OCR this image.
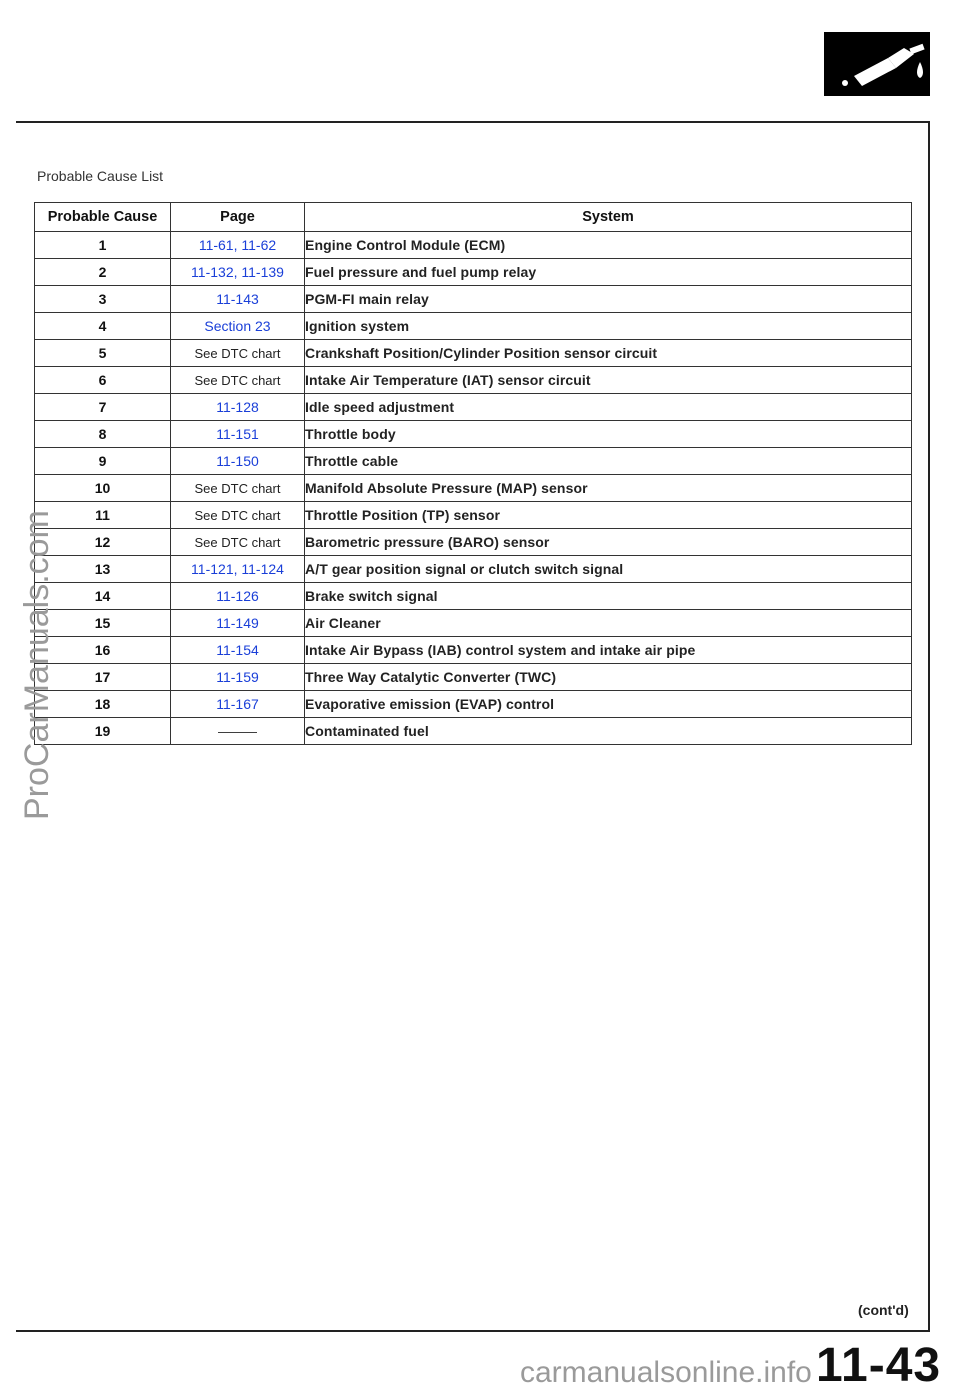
Probable Cause List
Probable Cause	Page	System
1	11-61, 11-62	Engine Control Module (ECM)
2	11-132, 11-139	Fuel pressure and fuel pump relay
3	11-143	PGM-FI main relay
4	Section 23	Ignition system
5	See DTC chart	Crankshaft Position/Cylinder Position sensor circuit
6	See DTC chart	Intake Air Temperature (IAT) sensor circuit
7	11-128	Idle speed adjustment
8	11-151	Throttle body
9	11-150	Throttle cable
10	See DTC chart	Manifold Absolute Pressure (MAP) sensor
11	See DTC chart	Throttle Position (TP) sensor
12	See DTC chart	Barometric pressure (BARO) sensor
13	11-121, 11-124	A/T gear position signal or clutch switch signal
14	11-126	Brake switch signal
15	11-149	Air Cleaner
16	11-154	Intake Air Bypass (IAB) control system and intake air pipe
17	11-159	Three Way Catalytic Converter (TWC)
18	11-167	Evaporative emission (EVAP) control
19	———	Contaminated fuel
(cont'd)
11-43
ProCarManuals.com
carmanualsonline.info
